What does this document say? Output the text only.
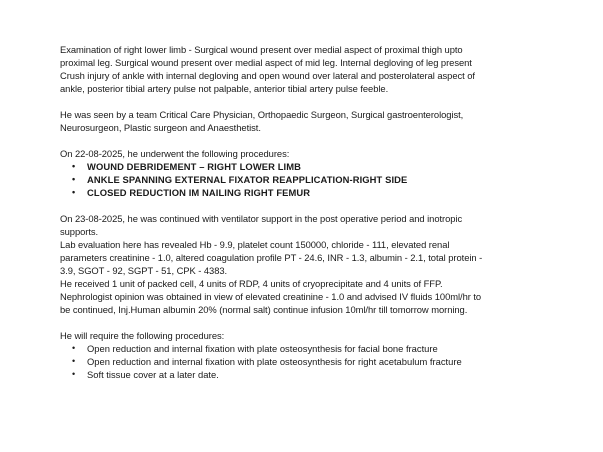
Examination of right lower limb - Surgical wound present over medial aspect of proximal thigh upto
proximal leg. Surgical wound present over medial aspect of mid leg. Internal degloving of leg present
Crush injury of ankle with internal degloving and open wound over lateral and posterolateral aspect of
ankle, posterior tibial artery pulse not palpable, anterior tibial artery pulse feeble.
He was seen by a team Critical Care Physician, Orthopaedic Surgeon, Surgical gastroenterologist,
Neurosurgeon, Plastic surgeon and Anaesthetist.
On 22-08-2025, he underwent the following procedures:
• WOUND DEBRIDEMENT – RIGHT LOWER LIMB
• ANKLE SPANNING EXTERNAL FIXATOR REAPPLICATION-RIGHT SIDE
• CLOSED REDUCTION IM NAILING RIGHT FEMUR
On 23-08-2025, he was continued with ventilator support in the post operative period and inotropic
supports.
Lab evaluation here has revealed Hb - 9.9, platelet count 150000, chloride - 111, elevated renal
parameters creatinine - 1.0, altered coagulation profile PT - 24.6, INR - 1.3, albumin - 2.1, total protein -
3.9, SGOT - 92, SGPT - 51, CPK - 4383.
He received 1 unit of packed cell, 4 units of RDP, 4 units of cryoprecipitate and 4 units of FFP.
Nephrologist opinion was obtained in view of elevated creatinine - 1.0 and advised IV fluids 100ml/hr to
be continued, Inj.Human albumin 20% (normal salt) continue infusion 10ml/hr till tomorrow morning.
He will require the following procedures:
• Open reduction and internal fixation with plate osteosynthesis for facial bone fracture
• Open reduction and internal fixation with plate osteosynthesis for right acetabulum fracture
• Soft tissue cover at a later date.
